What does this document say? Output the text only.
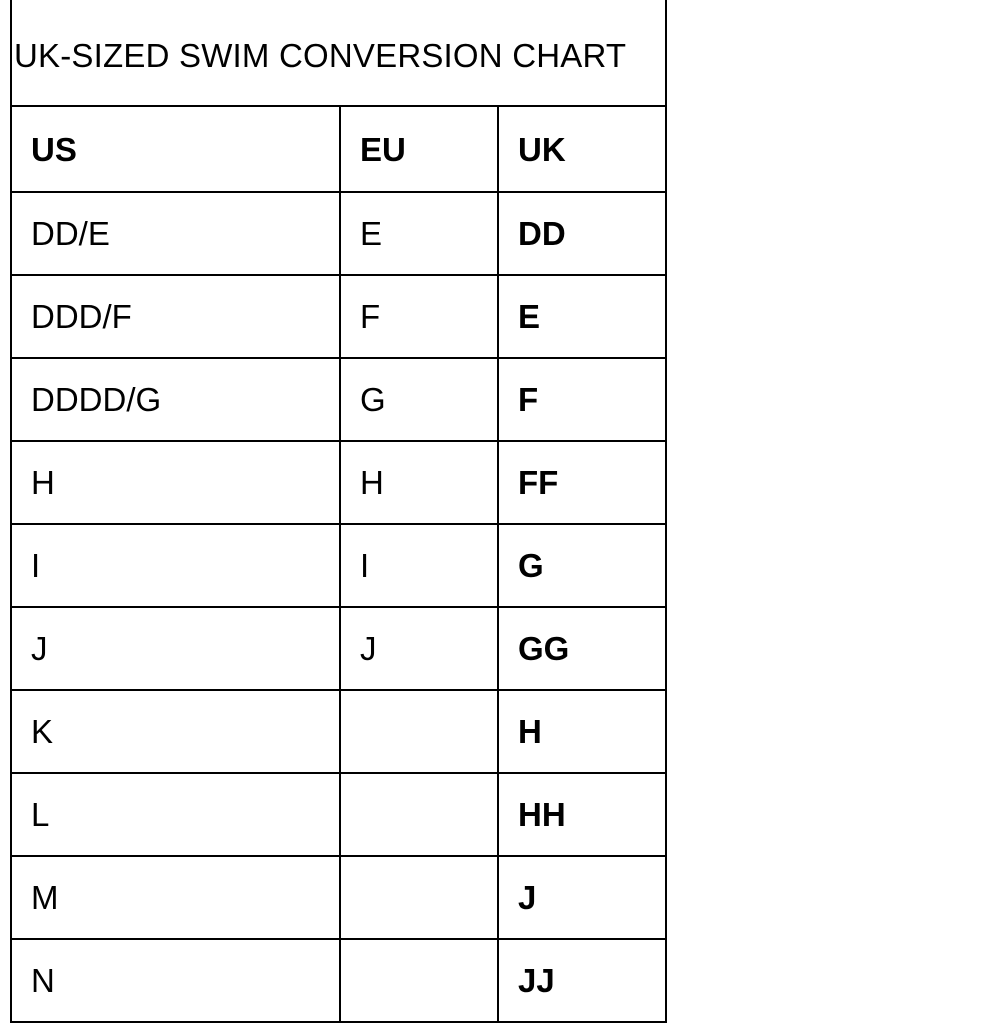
UK-SIZED SWIM CONVERSION CHART		
US	EU	UK
DD/E	E	DD
DDD/F	F	E
DDDD/G	G	F
H	H	FF
I	I	G
J	J	GG
K		H
L		HH
M		J
N		JJ
